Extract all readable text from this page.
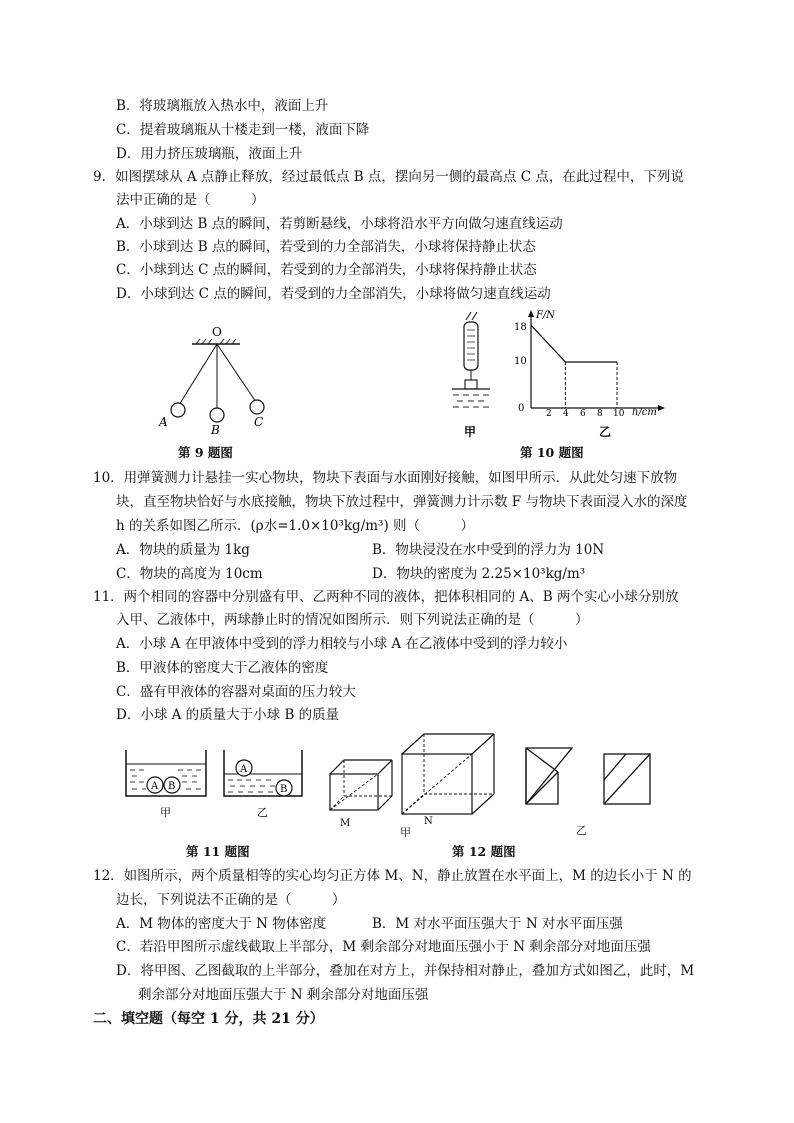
B．将玻璃瓶放入热水中，液面上升
C．提着玻璃瓶从十楼走到一楼，液面下降
D．用力挤压玻璃瓶，液面上升
9．如图摆球从 A 点静止释放，经过最低点 B 点，摆向另一侧的最高点 C 点，在此过程中，下列说
法中正确的是（　　　）
A．小球到达 B 点的瞬间，若剪断悬线，小球将沿水平方向做匀速直线运动
B．小球到达 B 点的瞬间，若受到的力全部消失，小球将保持静止状态
C．小球到达 C 点的瞬间，若受到的力全部消失，小球将保持静止状态
D．小球到达 C 点的瞬间，若受到的力全部消失，小球将做匀速直线运动
O
A
B
C
第 9 题图
甲
F/N
h/cm
18
10
0 2 4 6 8 10
乙
第 10 题图
10．用弹簧测力计悬挂一实心物块，物块下表面与水面刚好接触，如图甲所示．从此处匀速下放物
块，直至物块恰好与水底接触，物块下放过程中，弹簧测力计示数 F 与物块下表面浸入水的深度
h 的关系如图乙所示．(ρ水=1.0×10³kg/m³) 则（　　　）
A．物块的质量为 1kg	B．物块浸没在水中受到的浮力为 10N
C．物块的高度为 10cm	D．物块的密度为 2.25×10³kg/m³
11．两个相同的容器中分别盛有甲、乙两种不同的液体，把体积相同的 A、B 两个实心小球分别放
入甲、乙液体中，两球静止时的情况如图所示．则下列说法正确的是（　　　）
A．小球 A 在甲液体中受到的浮力相较与小球 A 在乙液体中受到的浮力较小
B．甲液体的密度大于乙液体的密度
C．盛有甲液体的容器对桌面的压力较大
D．小球 A 的质量大于小球 B 的质量
A B
甲
A
B
乙
第 11 题图
M	N
甲	乙
第 12 题图
12．如图所示，两个质量相等的实心均匀正方体 M、N，静止放置在水平面上，M 的边长小于 N 的
边长，下列说法不正确的是（　　　）
A．M 物体的密度大于 N 物体密度	B．M 对水平面压强大于 N 对水平面压强
C．若沿甲图所示虚线截取上半部分，M 剩余部分对地面压强小于 N 剩余部分对地面压强
D．将甲图、乙图截取的上半部分，叠加在对方上，并保持相对静止，叠加方式如图乙，此时，M
剩余部分对地面压强大于 N 剩余部分对地面压强
二、填空题（每空 1 分，共 21 分）
